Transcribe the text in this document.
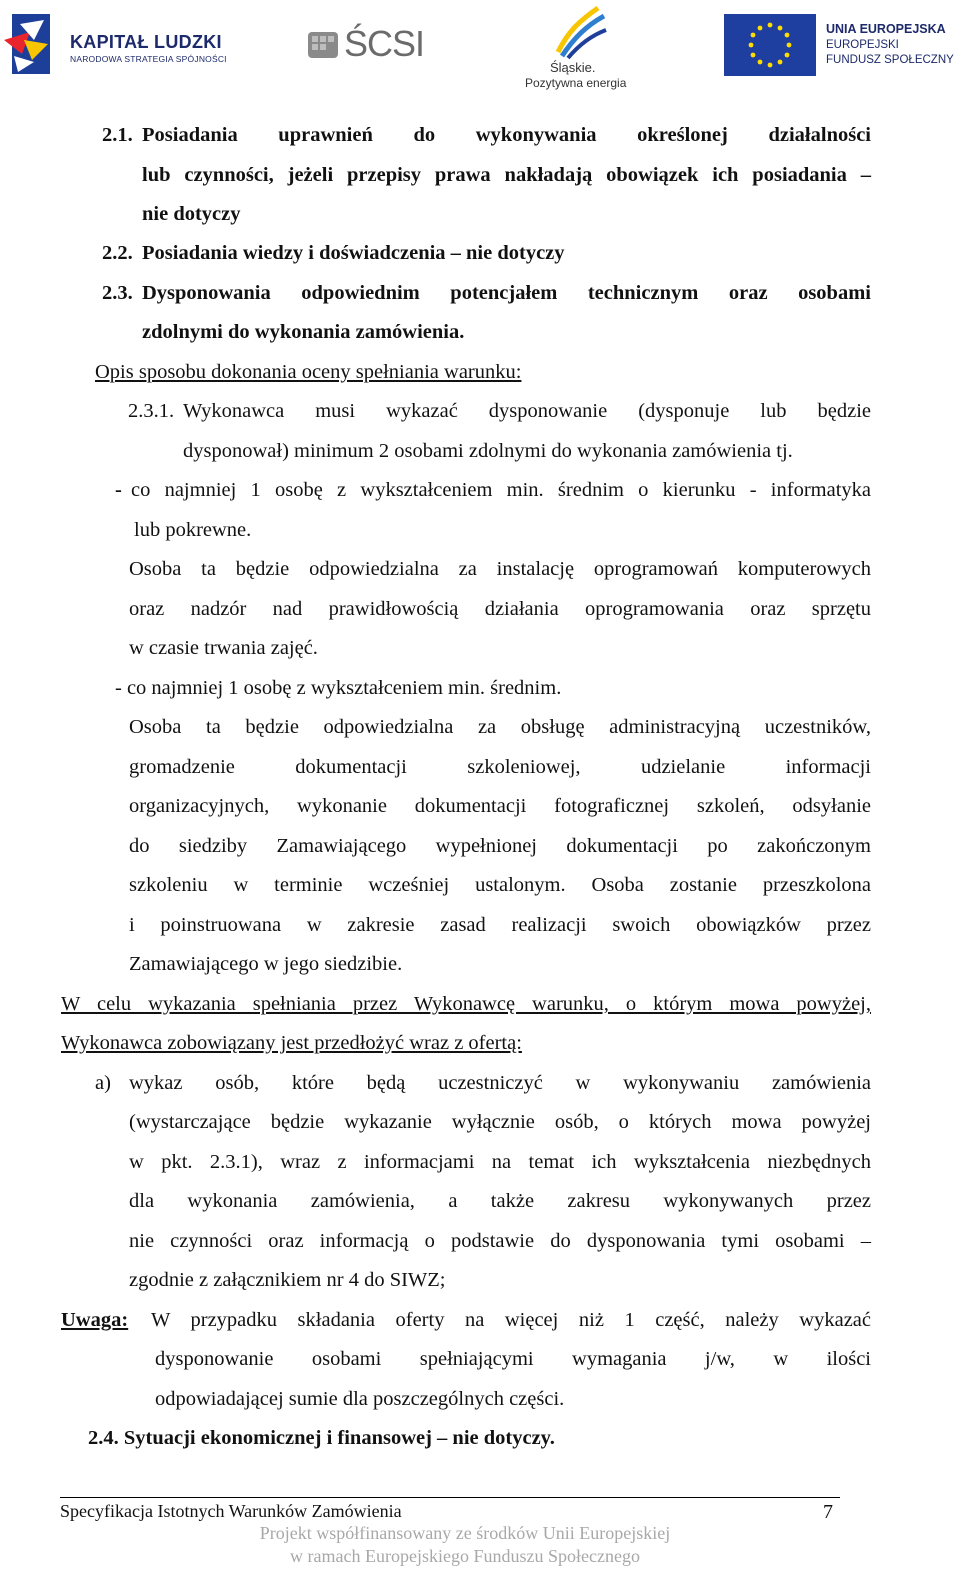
KAPITAŁ LUDZKI
NARODOWA STRATEGIA SPÓJNOŚCI	ŚCSI
Śląskie.
Pozytywna energia
UNIA EUROPEJSKA
EUROPEJSKI
FUNDUSZ SPOŁECZNY
2.1. Posiadania uprawnień do wykonywania określonej działalności
lub czynności, jeżeli przepisy prawa nakładają obowiązek ich posiadania –
nie dotyczy
2.2. Posiadania wiedzy i doświadczenia – nie dotyczy
2.3. Dysponowania odpowiednim potencjałem technicznym oraz osobami
zdolnymi do wykonania zamówienia.
Opis sposobu dokonania oceny spełniania warunku:
2.3.1. Wykonawca musi wykazać dysponowanie (dysponuje lub będzie
dysponował) minimum 2 osobami zdolnymi do wykonania zamówienia tj.
- co najmniej 1 osobę z wykształceniem min. średnim o kierunku - informatyka
lub pokrewne.
Osoba ta będzie odpowiedzialna za instalację oprogramowań komputerowych
oraz nadzór nad prawidłowością działania oprogramowania oraz sprzętu
w czasie trwania zajęć.
- co najmniej 1 osobę z wykształceniem min. średnim.
Osoba ta będzie odpowiedzialna za obsługę administracyjną uczestników,
gromadzenie dokumentacji szkoleniowej, udzielanie informacji
organizacyjnych, wykonanie dokumentacji fotograficznej szkoleń, odsyłanie
do siedziby Zamawiającego wypełnionej dokumentacji po zakończonym
szkoleniu w terminie wcześniej ustalonym. Osoba zostanie przeszkolona
i poinstruowana w zakresie zasad realizacji swoich obowiązków przez
Zamawiającego w jego siedzibie.
W celu wykazania spełniania przez Wykonawcę warunku, o którym mowa powyżej,
Wykonawca zobowiązany jest przedłożyć wraz z ofertą:
a) wykaz osób, które będą uczestniczyć w wykonywaniu zamówienia
(wystarczające będzie wykazanie wyłącznie osób, o których mowa powyżej
w pkt. 2.3.1), wraz z informacjami na temat ich wykształcenia niezbędnych
dla wykonania zamówienia, a także zakresu wykonywanych przez
nie czynności oraz informacją o podstawie do dysponowania tymi osobami –
zgodnie z załącznikiem nr 4 do SIWZ;
Uwaga: W przypadku składania oferty na więcej niż 1 część, należy wykazać
dysponowanie osobami spełniającymi wymagania j/w, w ilości
odpowiadającej sumie dla poszczególnych części.
2.4. Sytuacji ekonomicznej i finansowej – nie dotyczy.
Specyfikacja Istotnych Warunków Zamówienia	7
Projekt współfinansowany ze środków Unii Europejskiej
w ramach Europejskiego Funduszu Społecznego
